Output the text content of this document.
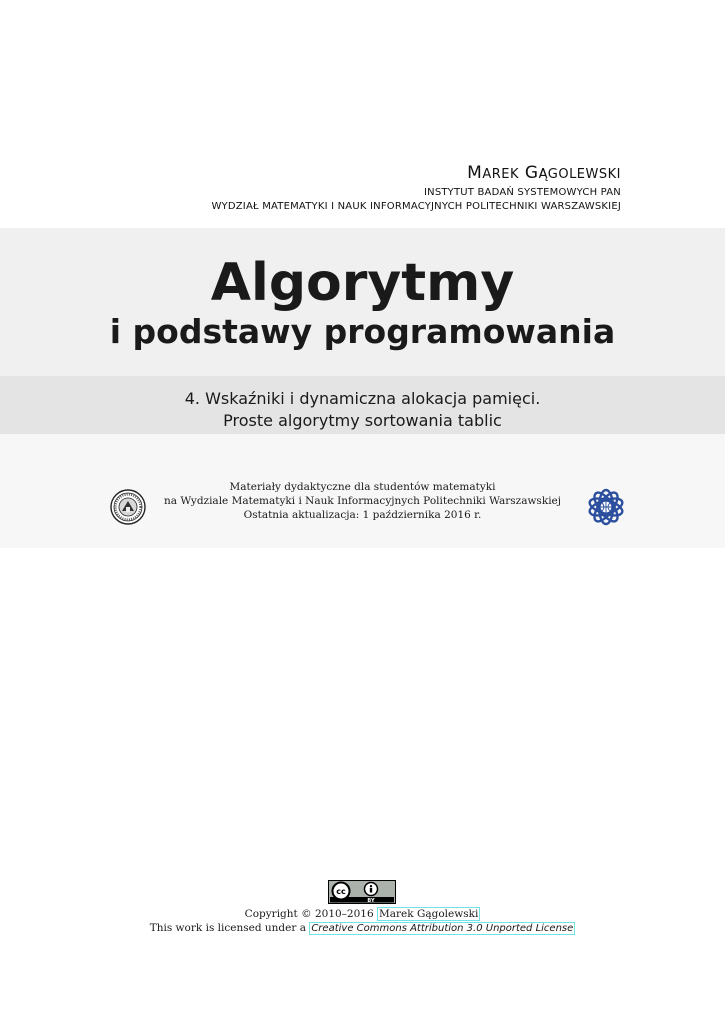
MAREK GĄGOLEWSKI
INSTYTUT BADAŃ SYSTEMOWYCH PAN
WYDZIAŁ MATEMATYKI I NAUK INFORMACYJNYCH POLITECHNIKI WARSZAWSKIEJ
Algorytmy
i podstawy programowania
4. Wskaźniki i dynamiczna alokacja pamięci.
Proste algorytmy sortowania tablic
Materiały dydaktyczne dla studentów matematyki
na Wydziale Matematyki i Nauk Informacyjnych Politechniki Warszawskiej
Ostatnia aktualizacja: 1 października 2016 r.
cc
BY
Copyright © 2010–2016 Marek Gągolewski
This work is licensed under a Creative Commons Attribution 3.0 Unported License
